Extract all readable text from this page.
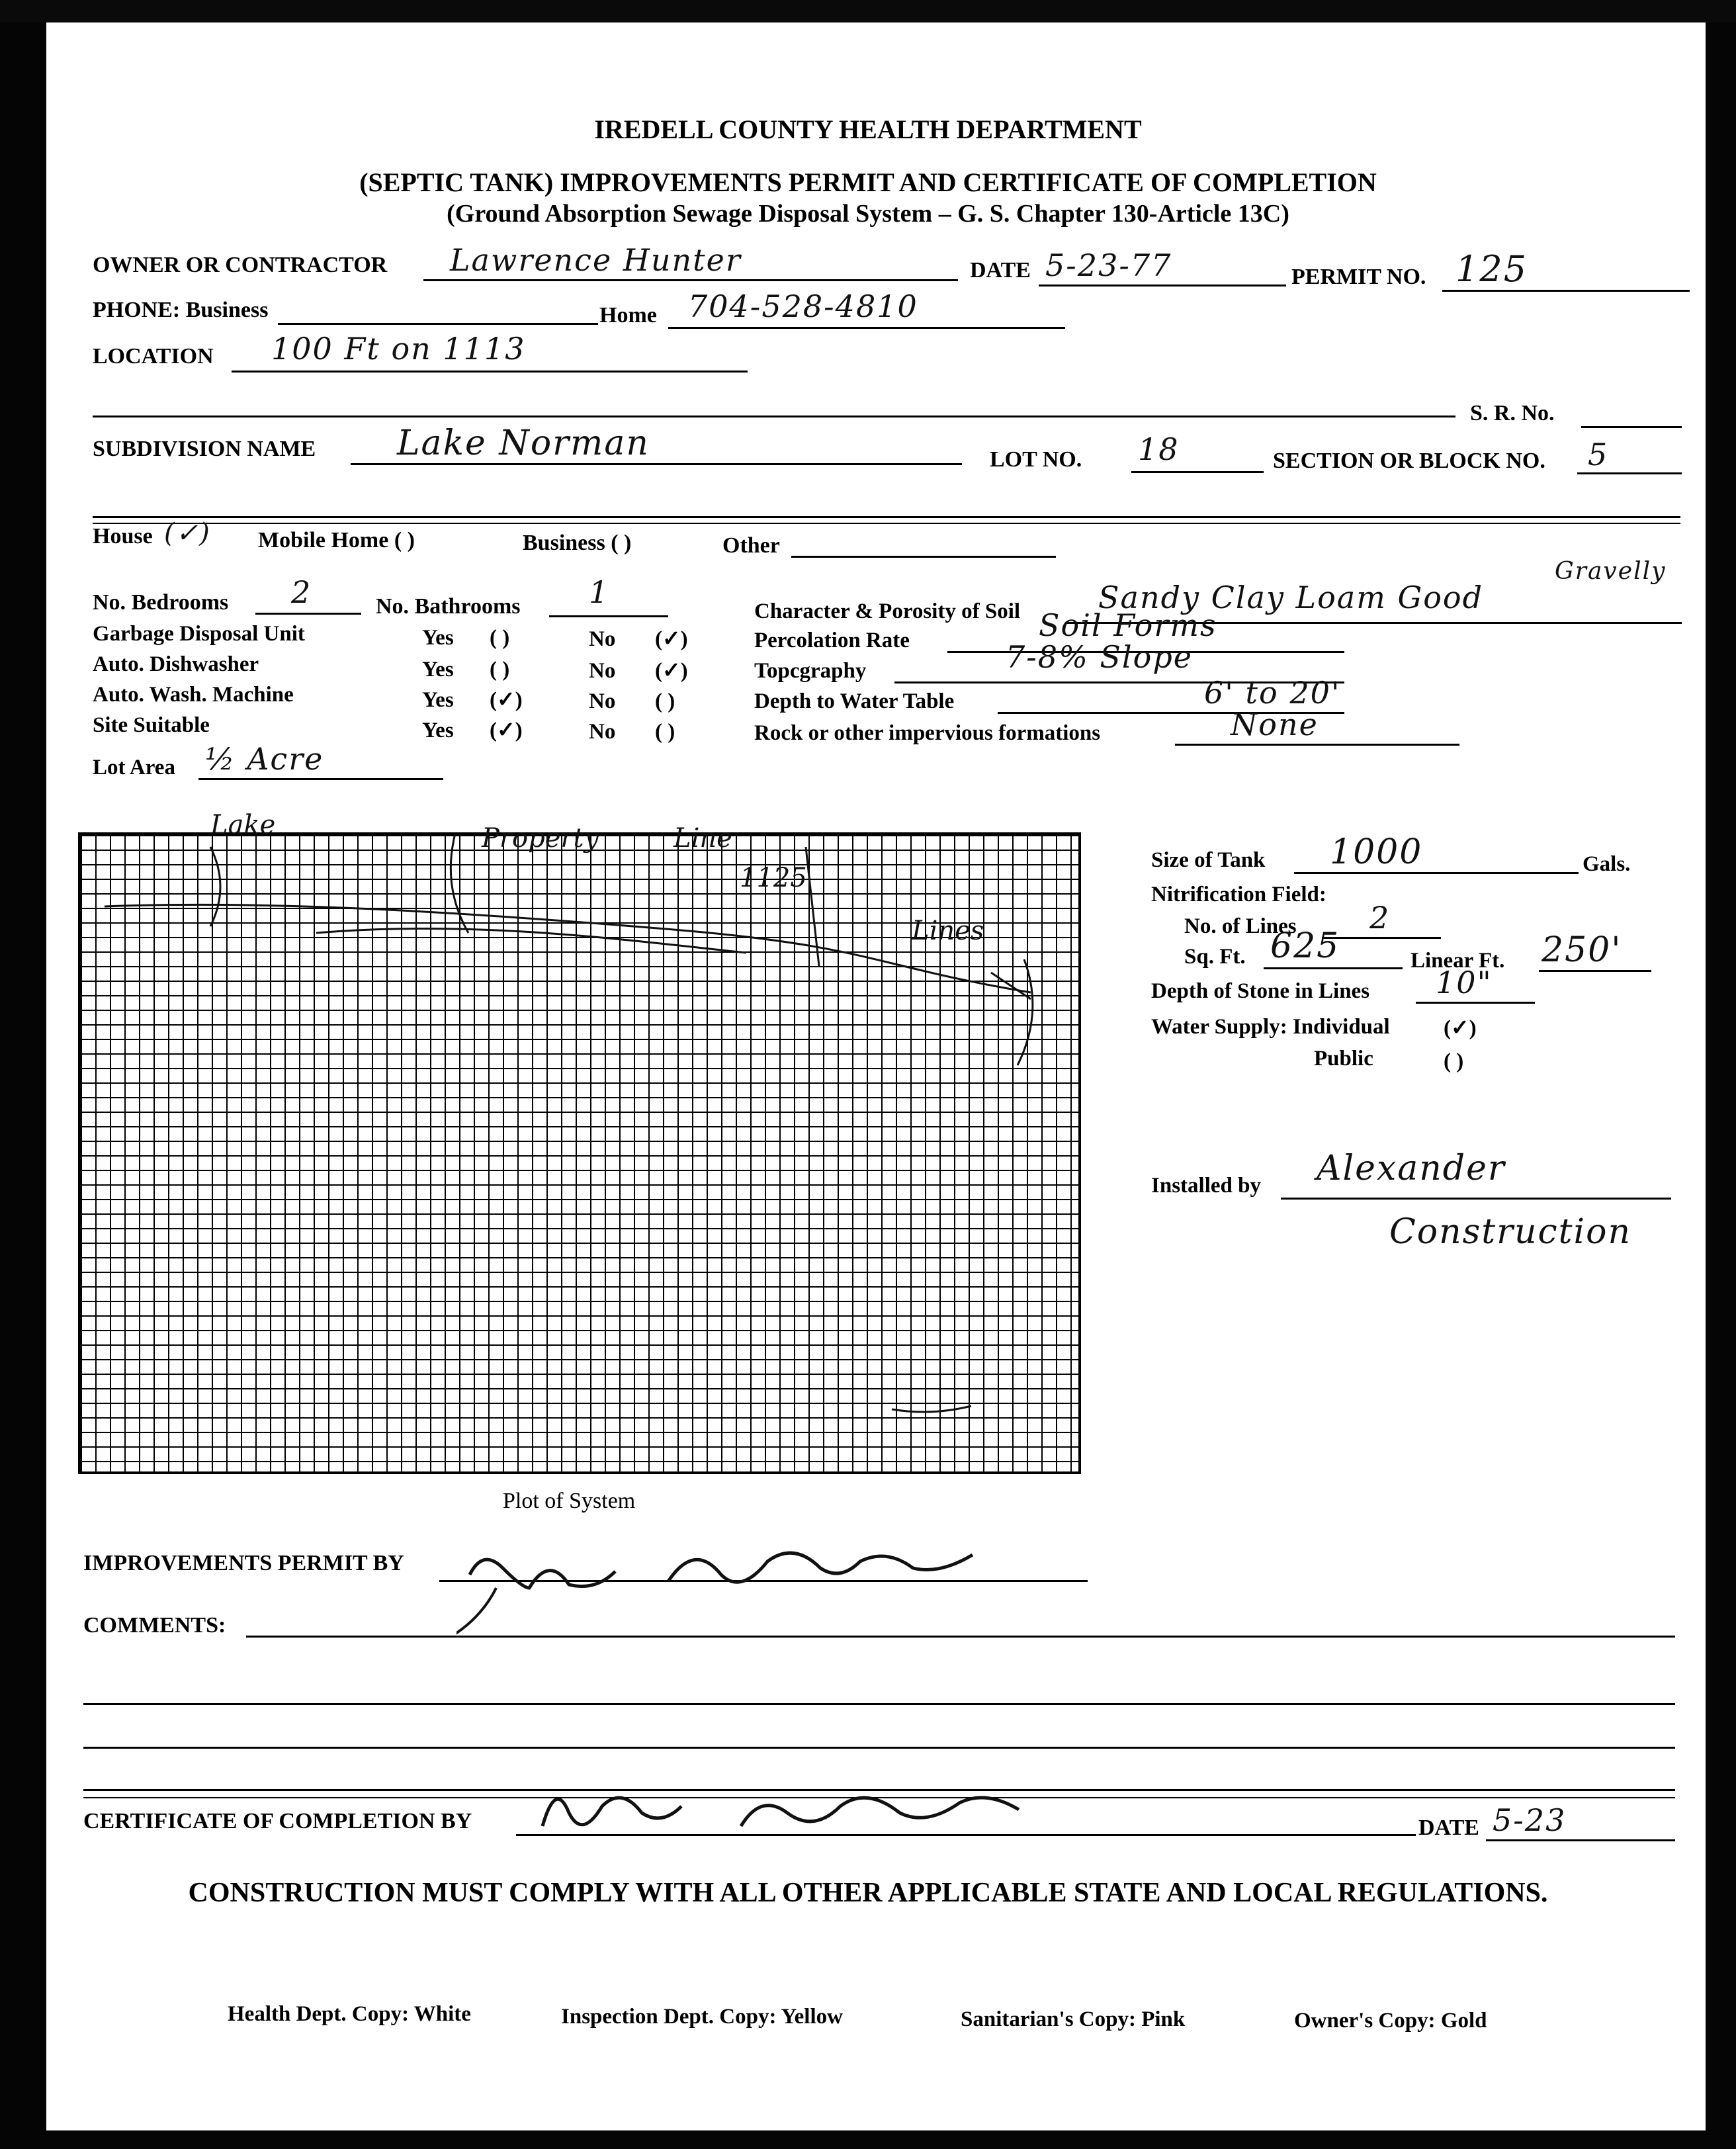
IREDELL COUNTY HEALTH DEPARTMENT
(SEPTIC TANK) IMPROVEMENTS PERMIT AND CERTIFICATE OF COMPLETION
(Ground Absorption Sewage Disposal System – G. S. Chapter 130-Article 13C)
OWNER OR CONTRACTOR Lawrence Hunter	DATE 5-23-77	PERMIT NO. 125
PHONE: Business	Home 704-528-4810
LOCATION 100 Ft on 1113
S. R. No.
SUBDIVISION NAME Lake Norman	LOT NO. 18	SECTION OR BLOCK NO. 5
House (✓) Mobile Home ( )	Business ( )	Other
No. Bedrooms 2	No. Bathrooms 1
Garbage Disposal Unit	Yes ( )	No (✓)
Auto. Dishwasher	Yes ( )	No (✓)
Auto. Wash. Machine	Yes (✓)	No ( )
Site Suitable	Yes (✓)	No ( )
Lot Area ½ Acre
Character & Porosity of Soil	Sandy Clay Loam Good
Gravelly
Percolation Rate	Soil Forms
Topcgraphy	7-8% Slope
Depth to Water Table	6' to 20'
Rock or other impervious formations	None
Lake	Property	Line
1125
Lines
Plot of System
Size of Tank 1000	Gals.
Nitrification Field:
No. of Lines 2
Sq. Ft. 625	Linear Ft. 250'
Depth of Stone in Lines 10"
Water Supply: Individual (✓)
Public	( )
Installed by Alexander
Construction
IMPROVEMENTS PERMIT BY
COMMENTS:
CERTIFICATE OF COMPLETION BY	DATE 5-23
CONSTRUCTION MUST COMPLY WITH ALL OTHER APPLICABLE STATE AND LOCAL REGULATIONS.
Health Dept. Copy: White	Inspection Dept. Copy: Yellow	Sanitarian's Copy: Pink	Owner's Copy: Gold
